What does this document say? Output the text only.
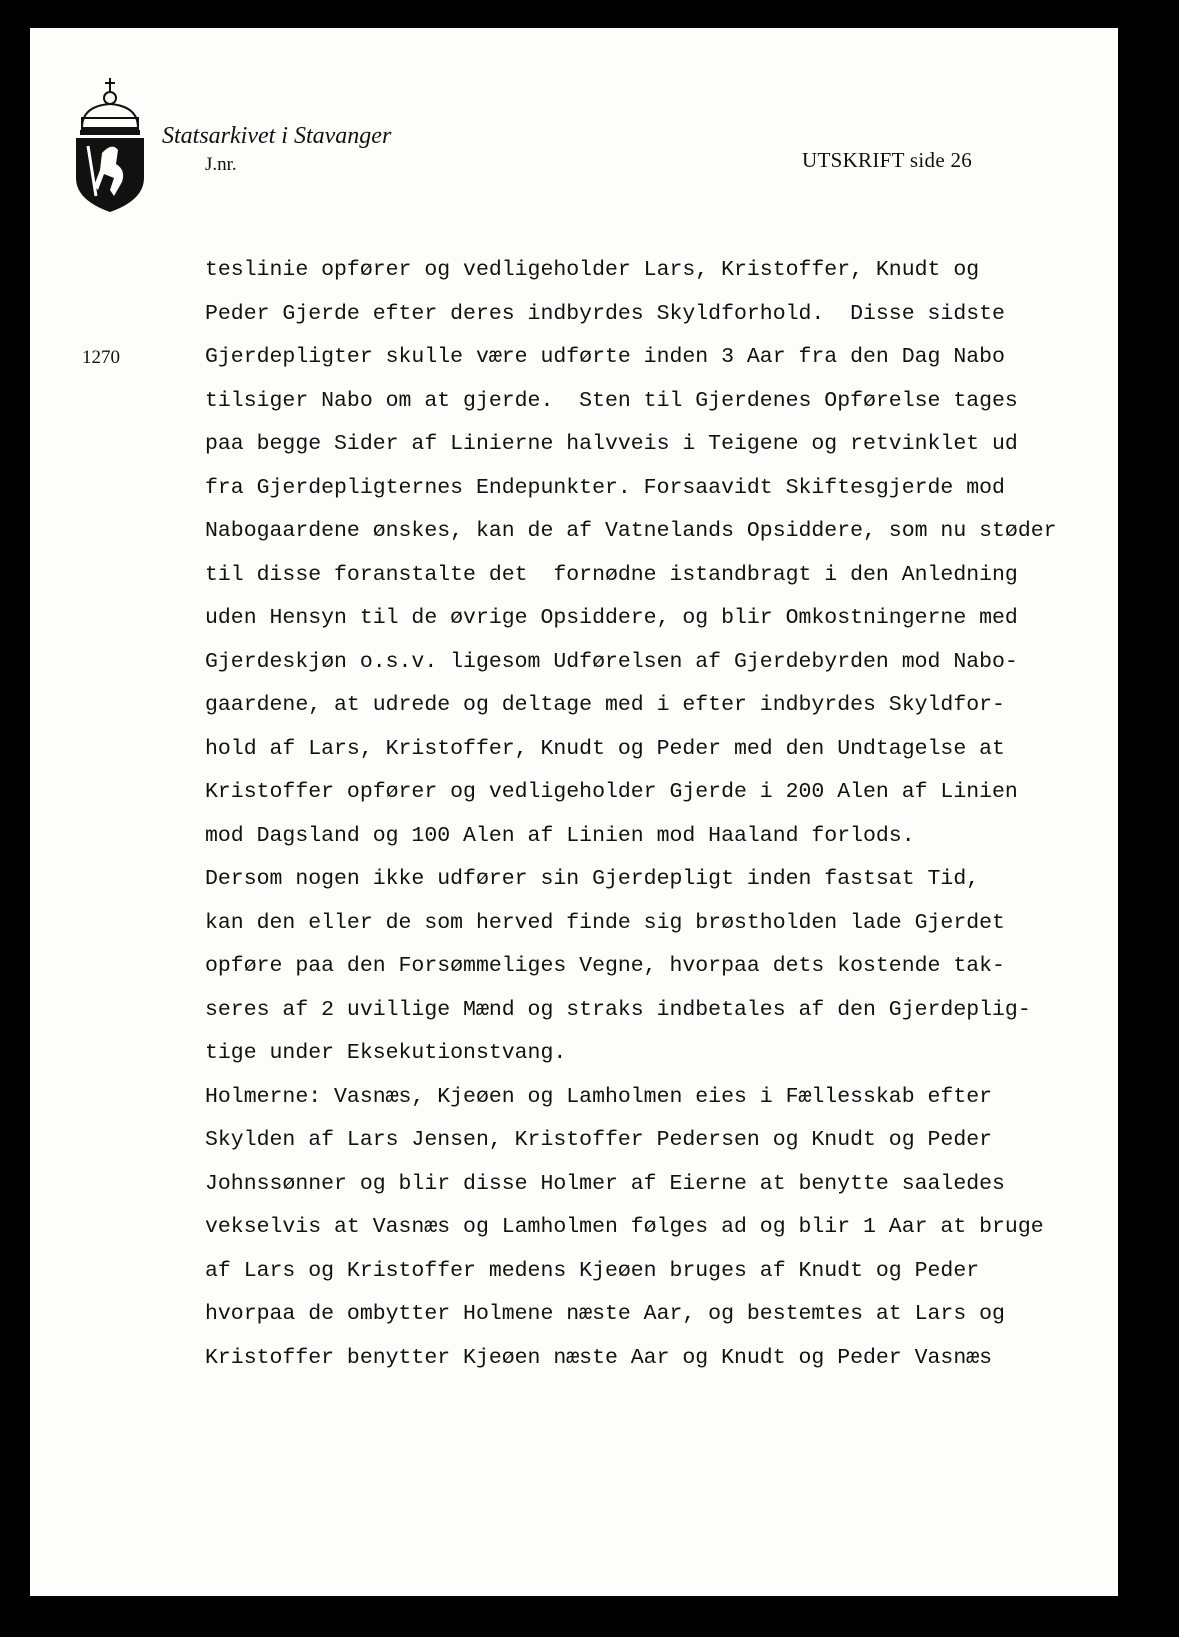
Statsarkivet i Stavanger
J.nr.	UTSKRIFT side 26
1270
teslinie opfører og vedligeholder Lars, Kristoffer, Knudt og
Peder Gjerde efter deres indbyrdes Skyldforhold.  Disse sidste
Gjerdepligter skulle være udførte inden 3 Aar fra den Dag Nabo
tilsiger Nabo om at gjerde.  Sten til Gjerdenes Opførelse tages
paa begge Sider af Linierne halvveis i Teigene og retvinklet ud
fra Gjerdepligternes Endepunkter. Forsaavidt Skiftesgjerde mod
Nabogaardene ønskes, kan de af Vatnelands Opsiddere, som nu støder
til disse foranstalte det  fornødne istandbragt i den Anledning
uden Hensyn til de øvrige Opsiddere, og blir Omkostningerne med
Gjerdeskjøn o.s.v. ligesom Udførelsen af Gjerdebyrden mod Nabo-
gaardene, at udrede og deltage med i efter indbyrdes Skyldfor-
hold af Lars, Kristoffer, Knudt og Peder med den Undtagelse at
Kristoffer opfører og vedligeholder Gjerde i 200 Alen af Linien
mod Dagsland og 100 Alen af Linien mod Haaland forlods.
Dersom nogen ikke udfører sin Gjerdepligt inden fastsat Tid,
kan den eller de som herved finde sig brøstholden lade Gjerdet
opføre paa den Forsømmeliges Vegne, hvorpaa dets kostende tak-
seres af 2 uvillige Mænd og straks indbetales af den Gjerdeplig-
tige under Eksekutionstvang.
Holmerne: Vasnæs, Kjeøen og Lamholmen eies i Fællesskab efter
Skylden af Lars Jensen, Kristoffer Pedersen og Knudt og Peder
Johnssønner og blir disse Holmer af Eierne at benytte saaledes
vekselvis at Vasnæs og Lamholmen følges ad og blir 1 Aar at bruge
af Lars og Kristoffer medens Kjeøen bruges af Knudt og Peder
hvorpaa de ombytter Holmene næste Aar, og bestemtes at Lars og
Kristoffer benytter Kjeøen næste Aar og Knudt og Peder Vasnæs
